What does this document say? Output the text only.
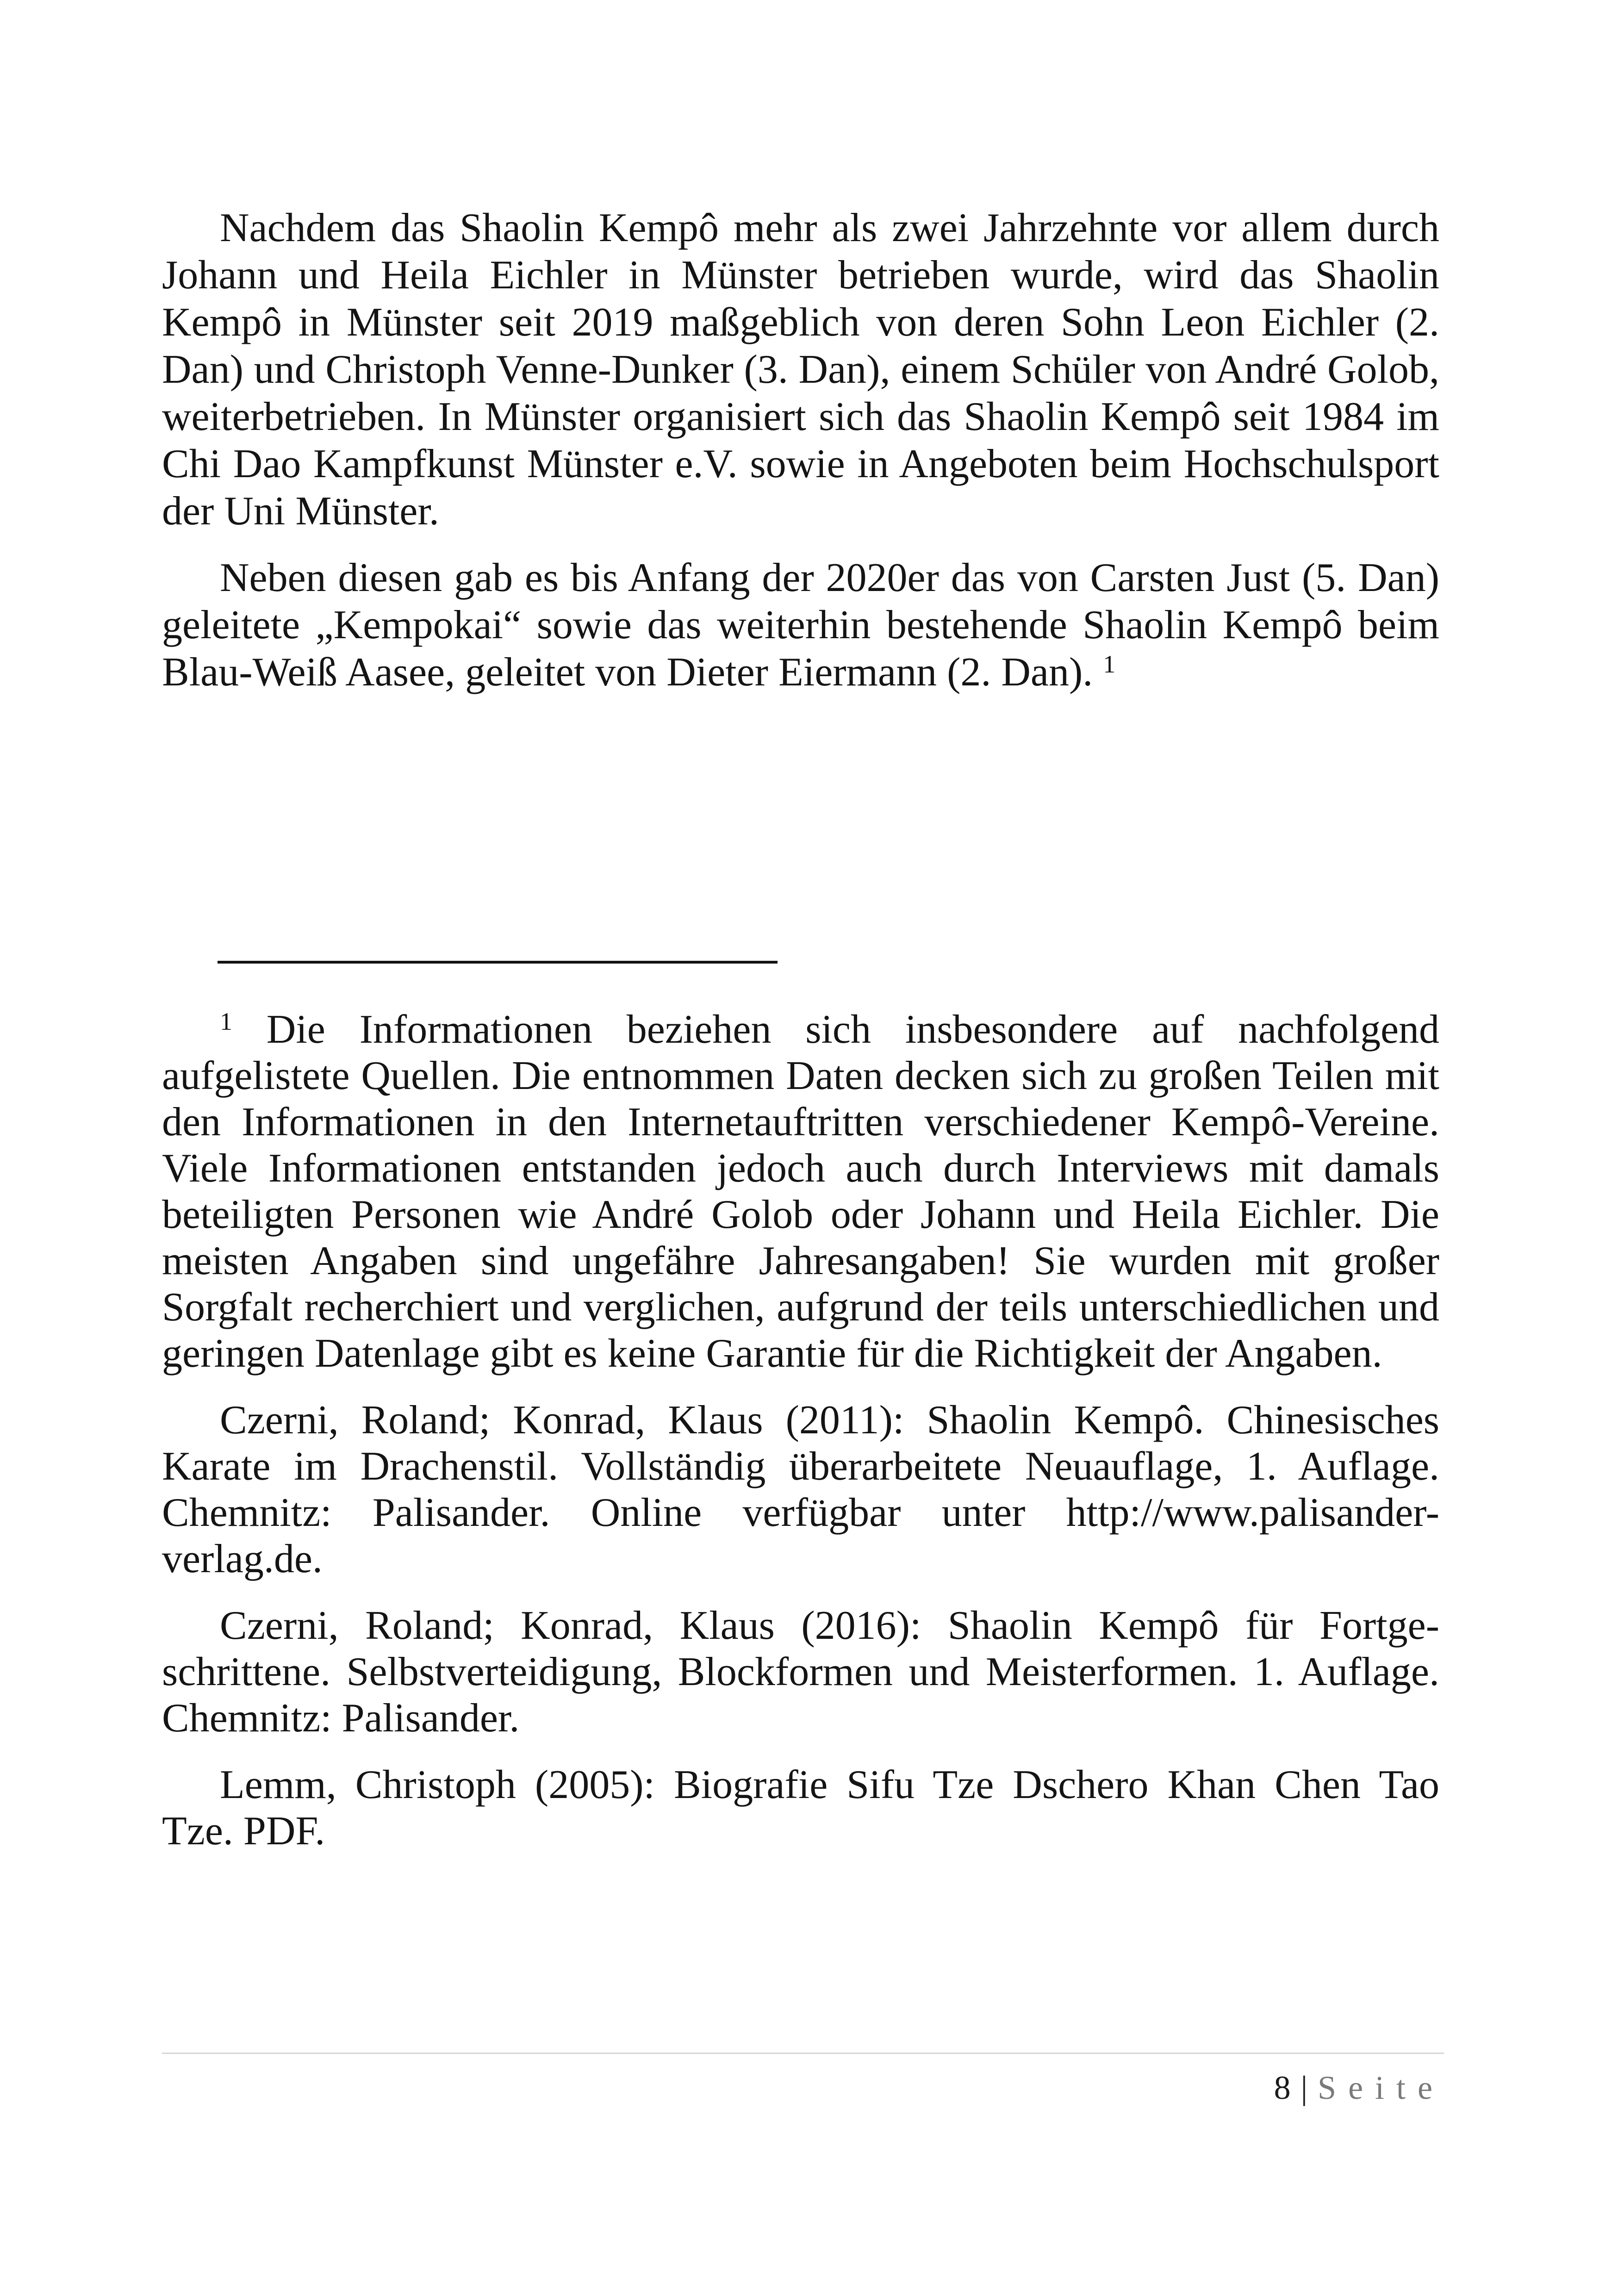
Nachdem das Shaolin Kempô mehr als zwei Jahrzehnte vor allem durch Johann und Heila Eichler in Münster betrieben wurde, wird das Shaolin Kempô in Münster seit 2019 maßgeblich von deren Sohn Leon Eichler (2. Dan) und Christoph Venne-Dunker (3. Dan), einem Schüler von André Golob, weiterbetrieben. In Münster organisiert sich das Shaolin Kempô seit 1984 im Chi Dao Kampfkunst Münster e.V. sowie in Angeboten beim Hochschulsport der Uni Münster.

Neben diesen gab es bis Anfang der 2020er das von Carsten Just (5. Dan) geleitete „Kempokai“ sowie das weiterhin bestehende Shaolin Kempô beim Blau-Weiß Aasee, geleitet von Dieter Eiermann (2. Dan). $^1$

$^1$ Die Informationen beziehen sich insbesondere auf nachfolgend aufgelistete Quellen. Die entnommen Daten decken sich zu großen Teilen mit den Informationen in den Internetauftritten verschiedener Kempô-Vereine. Viele Informationen entstanden jedoch auch durch Interviews mit damals beteiligten Personen wie André Golob oder Johann und Heila Eichler. Die meisten Angaben sind ungefähre Jahresangaben! Sie wurden mit großer Sorgfalt recherchiert und verglichen, aufgrund der teils unterschiedlichen und geringen Datenlage gibt es keine Garantie für die Richtigkeit der Angaben.

Czerni, Roland; Konrad, Klaus (2011): Shaolin Kempô. Chinesisches Karate im Drachenstil. Vollständig überarbeitete Neuauflage, 1. Auflage. Chemnitz: Palisander. Online verfügbar unter http://www.palisander-verlag.de.

Czerni, Roland; Konrad, Klaus (2016): Shaolin Kempô für Fortgeschrittene. Selbstverteidigung, Blockformen und Meisterformen. 1. Auflage. Chemnitz: Palisander.

Lemm, Christoph (2005): Biografie Sifu Tze Dschero Khan Chen Tao Tze. PDF.

8 | Seite
